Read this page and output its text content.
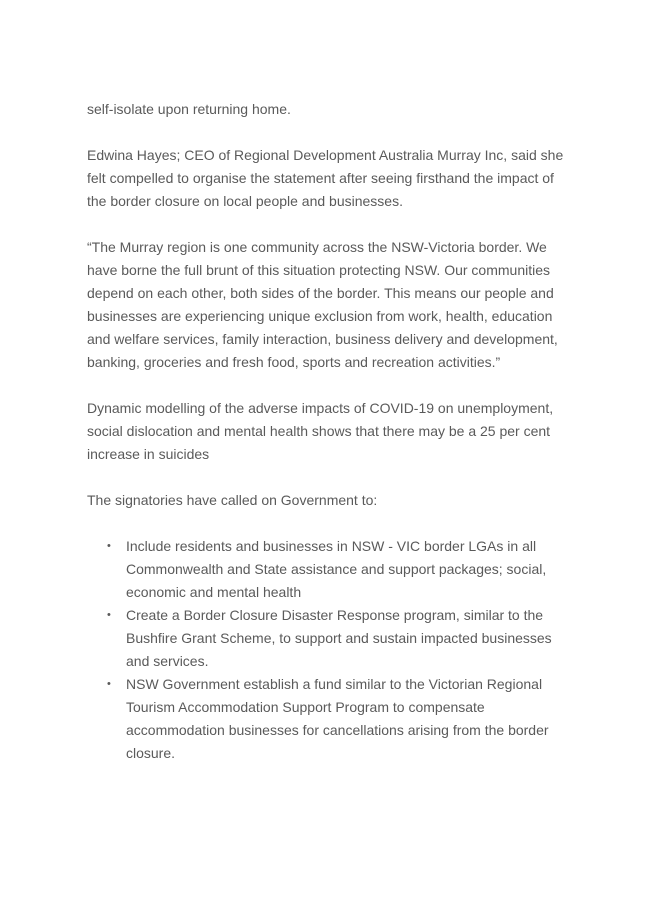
self-isolate upon returning home.

Edwina Hayes; CEO of Regional Development Australia Murray Inc, said she felt compelled to organise the statement after seeing firsthand the impact of the border closure on local people and businesses.

“The Murray region is one community across the NSW-Victoria border. We have borne the full brunt of this situation protecting NSW. Our communities depend on each other, both sides of the border. This means our people and businesses are experiencing unique exclusion from work, health, education and welfare services, family interaction, business delivery and development, banking, groceries and fresh food, sports and recreation activities.”

Dynamic modelling of the adverse impacts of COVID-19 on unemployment, social dislocation and mental health shows that there may be a 25 per cent increase in suicides

The signatories have called on Government to:

• Include residents and businesses in NSW - VIC border LGAs in all Commonwealth and State assistance and support packages; social, economic and mental health
• Create a Border Closure Disaster Response program, similar to the Bushfire Grant Scheme, to support and sustain impacted businesses and services.
• NSW Government establish a fund similar to the Victorian Regional Tourism Accommodation Support Program to compensate accommodation businesses for cancellations arising from the border closure.
